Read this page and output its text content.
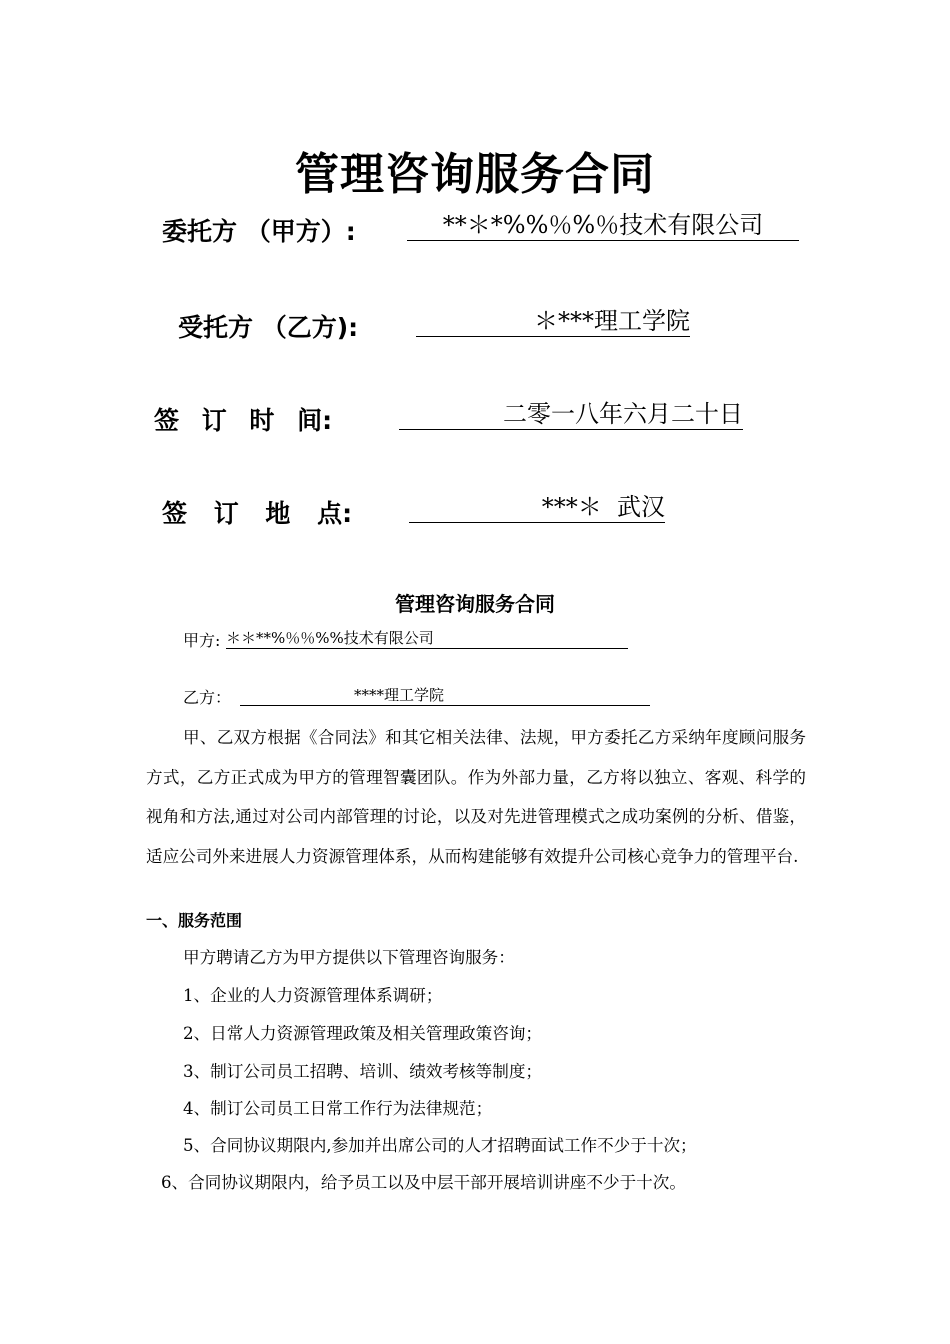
管理咨询服务合同
委托方 （甲方）:	**＊*%%％%％技术有限公司
受托方 （乙方):	＊***理工学院
签 订 时 间:	二零一八年六月二十日
签 订 地 点:	***＊  武汉
管理咨询服务合同
甲方: ＊＊**%％％%%技术有限公司
乙方：	****理工学院
甲、乙双方根据《合同法》和其它相关法律、法规，甲方委托乙方采纳年度顾问服务方式，乙方正式成为甲方的管理智囊团队。作为外部力量，乙方将以独立、客观、科学的视角和方法,通过对公司内部管理的讨论，以及对先进管理模式之成功案例的分析、借鉴，适应公司外来进展人力资源管理体系，从而构建能够有效提升公司核心竞争力的管理平台.
一、服务范围
甲方聘请乙方为甲方提供以下管理咨询服务：
1、企业的人力资源管理体系调研；
2、日常人力资源管理政策及相关管理政策咨询；
3、制订公司员工招聘、培训、绩效考核等制度；
4、制订公司员工日常工作行为法律规范；
5、合同协议期限内,参加并出席公司的人才招聘面试工作不少于十次；
6、合同协议期限内，给予员工以及中层干部开展培训讲座不少于十次。
